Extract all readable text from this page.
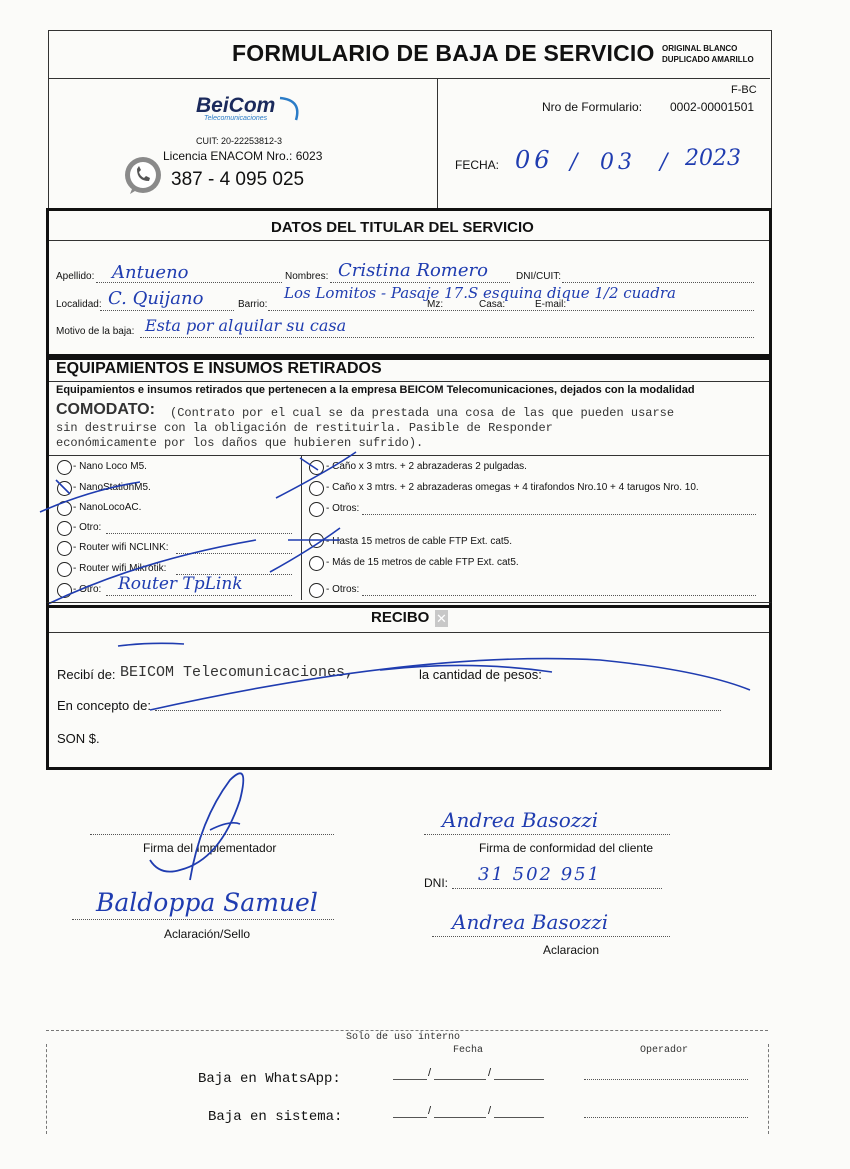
FORMULARIO DE BAJA DE SERVICIO ORIGINAL BLANCO
DUPLICADO AMARILLO
BeiCom
Telecomunicaciones
CUIT: 20-22253812-3
Licencia ENACOM Nro.: 6023
387 - 4 095 025
F-BC
Nro de Formulario: 0002-00001501
FECHA: 06 / 03 / 2023
DATOS DEL TITULAR DEL SERVICIO
Apellido: Antueno	Nombres: Cristina Romero	DNI/CUIT:
Localidad: C. Quijano	Barrio:
Los Lomitos - Pasaje 17.S esquina dique 1/2 cuadra
Mz:	Casa:	E-mail:
Motivo de la baja: Esta por alquilar su casa
EQUIPAMIENTOS E INSUMOS RETIRADOS
Equipamientos e insumos retirados que pertenecen a la empresa BEICOM Telecomunicaciones, dejados con la modalidad
COMODATO: (Contrato por el cual se da prestada una cosa de las que pueden usarse
sin destruirse con la obligación de restituirla. Pasible de Responder
económicamente por los daños que hubieren sufrido).
- Nano Loco M5.
- NanoStationM5.
- NanoLocoAC.
- Otro:
- Router wifi NCLINK:
- Router wifi Mikrotik:
- Otro: Router TpLink
- Caño x 3 mtrs. + 2 abrazaderas 2 pulgadas.
- Caño x 3 mtrs. + 2 abrazaderas omegas + 4 tirafondos Nro.10 + 4 tarugos Nro. 10.
- Otros:
- Hasta 15 metros de cable FTP Ext. cat5.
- Más de 15 metros de cable FTP Ext. cat5.
- Otros:
RECIBO ✕
Recibí de: BEICOM Telecomunicaciones,	la cantidad de pesos:
En concepto de:
SON $.
Firma del Implementador
Baldoppa Samuel
Aclaración/Sello
Andrea Basozzi
Firma de conformidad del cliente
DNI: 31 502 951
Andrea Basozzi
Aclaracion
Solo de uso interno
Fecha	Operador
Baja en WhatsApp:	/	/
Baja en sistema:	/	/
